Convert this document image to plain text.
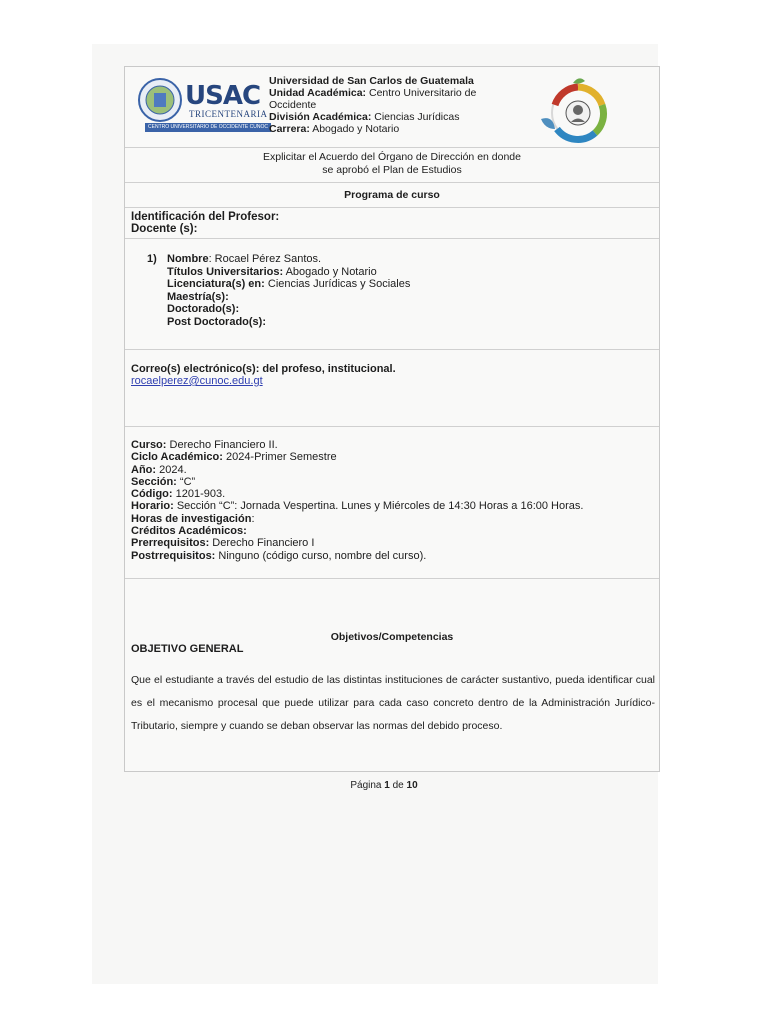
USAC
TRICENTENARIA
CENTRO UNIVERSITARIO DE OCCIDENTE CUNOC
Universidad de San Carlos de Guatemala
Unidad Académica: Centro Universitario de Occidente
División Académica: Ciencias Jurídicas
Carrera: Abogado y Notario
Explicitar el Acuerdo del Órgano de Dirección en donde
se aprobó el Plan de Estudios
Programa de curso
Identificación del Profesor:
Docente (s):
1) Nombre: Rocael Pérez Santos.
Títulos Universitarios: Abogado y Notario
Licenciatura(s) en: Ciencias Jurídicas y Sociales
Maestría(s):
Doctorado(s):
Post Doctorado(s):
Correo(s) electrónico(s): del profeso, institucional.
rocaelperez@cunoc.edu.gt
Curso: Derecho Financiero II.
Ciclo Académico: 2024-Primer Semestre
Año: 2024.
Sección: “C”
Código: 1201-903.
Horario: Sección “C”: Jornada Vespertina. Lunes y Miércoles de 14:30 Horas a 16:00 Horas.
Horas de investigación:
Créditos Académicos:
Prerrequisitos: Derecho Financiero I
Postrrequisitos: Ninguno (código curso, nombre del curso).
Objetivos/Competencias
OBJETIVO GENERAL
Que el estudiante a través del estudio de las distintas instituciones de carácter sustantivo, pueda identificar cual es el mecanismo procesal que puede utilizar para cada caso concreto dentro de la Administración Jurídico-Tributario, siempre y cuando se deban observar las normas del debido proceso.
Página 1 de 10
